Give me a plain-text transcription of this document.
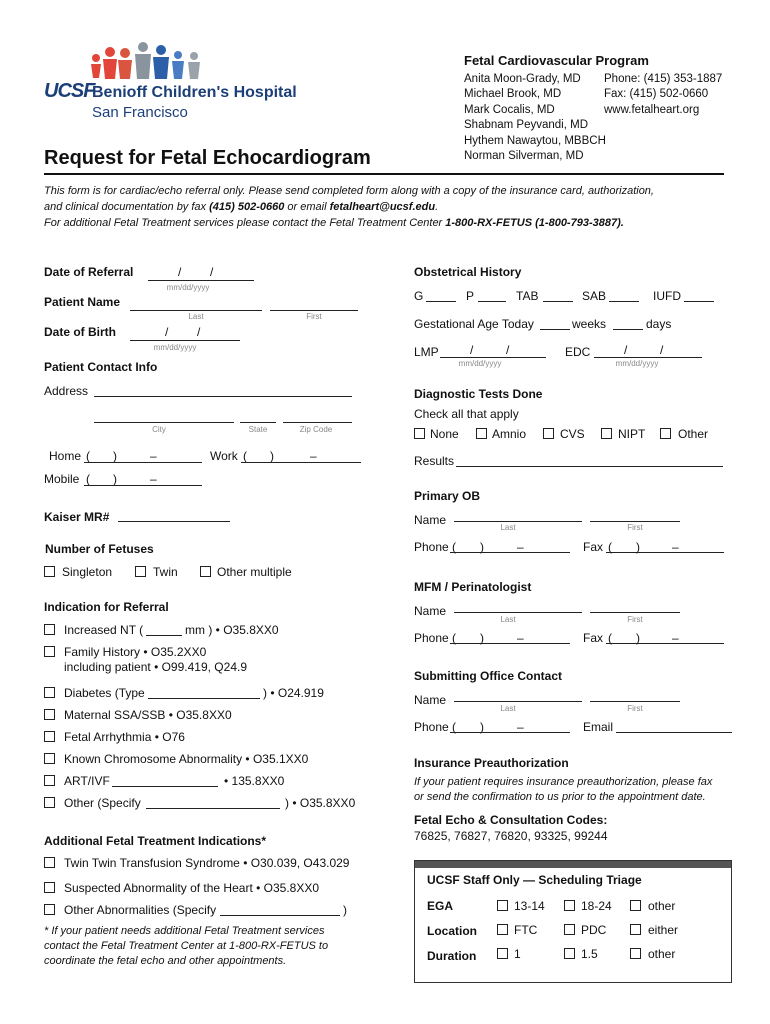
UCSF
Benioff Children's Hospital
San Francisco
Request for Fetal Echocardiogram
Fetal Cardiovascular Program
Anita Moon-Grady, MD
Michael Brook, MD
Mark Cocalis, MD
Shabnam Peyvandi, MD
Hythem Nawaytou, MBBCH
Norman Silverman, MD
Phone: (415) 353-1887
Fax: (415) 502-0660
www.fetalheart.org
This form is for cardiac/echo referral only. Please send completed form along with a copy of the insurance card, authorization,
and clinical documentation by fax (415) 502-0660 or email fetalheart@ucsf.edu.
For additional Fetal Treatment services please contact the Fetal Treatment Center 1-800-RX-FETUS (1-800-793-3887).
Date of Referral	/ /
mm/dd/yyyy
Patient Name
Last	First
Date of Birth	/ /
mm/dd/yyyy
Patient Contact Info
Address
City	State	Zip Code
Home ( )	–	Work ( )	–
Mobile ( )	–
Kaiser MR#
Number of Fetuses
Singleton	Twin	Other multiple
Indication for Referral
Increased NT (	mm ) • O35.8XX0
Family History • O35.2XX0
including patient • O99.419, Q24.9
Diabetes (Type	) • O24.919
Maternal SSA/SSB • O35.8XX0
Fetal Arrhythmia • O76
Known Chromosome Abnormality • O35.1XX0
ART/IVF	• 135.8XX0
Other (Specify	) • O35.8XX0
Additional Fetal Treatment Indications*
Twin Twin Transfusion Syndrome • O30.039, O43.029
Suspected Abnormality of the Heart • O35.8XX0
Other Abnormalities (Specify	)
* If your patient needs additional Fetal Treatment services
contact the Fetal Treatment Center at 1-800-RX-FETUS to
coordinate the fetal echo and other appointments.
Obstetrical History
G	P	TAB	SAB	IUFD
Gestational Age Today	weeks	days
LMP	/	/
mm/dd/yyyy
EDC	/	/
mm/dd/yyyy
Diagnostic Tests Done
Check all that apply
None	Amnio	CVS	NIPT	Other
Results
Primary OB
Name
Last	First
Phone ( )	–	Fax ( )	–
MFM / Perinatologist
Name
Last	First
Phone ( )	–	Fax ( )	–
Submitting Office Contact
Name
Last	First
Phone ( )	–	Email
Insurance Preauthorization
If your patient requires insurance preauthorization, please fax
or send the confirmation to us prior to the appointment date.
Fetal Echo & Consultation Codes:
76825, 76827, 76820, 93325, 99244
UCSF Staff Only — Scheduling Triage
EGA	13-14	18-24	other
Location	FTC	PDC	either
Duration	1	1.5	other
